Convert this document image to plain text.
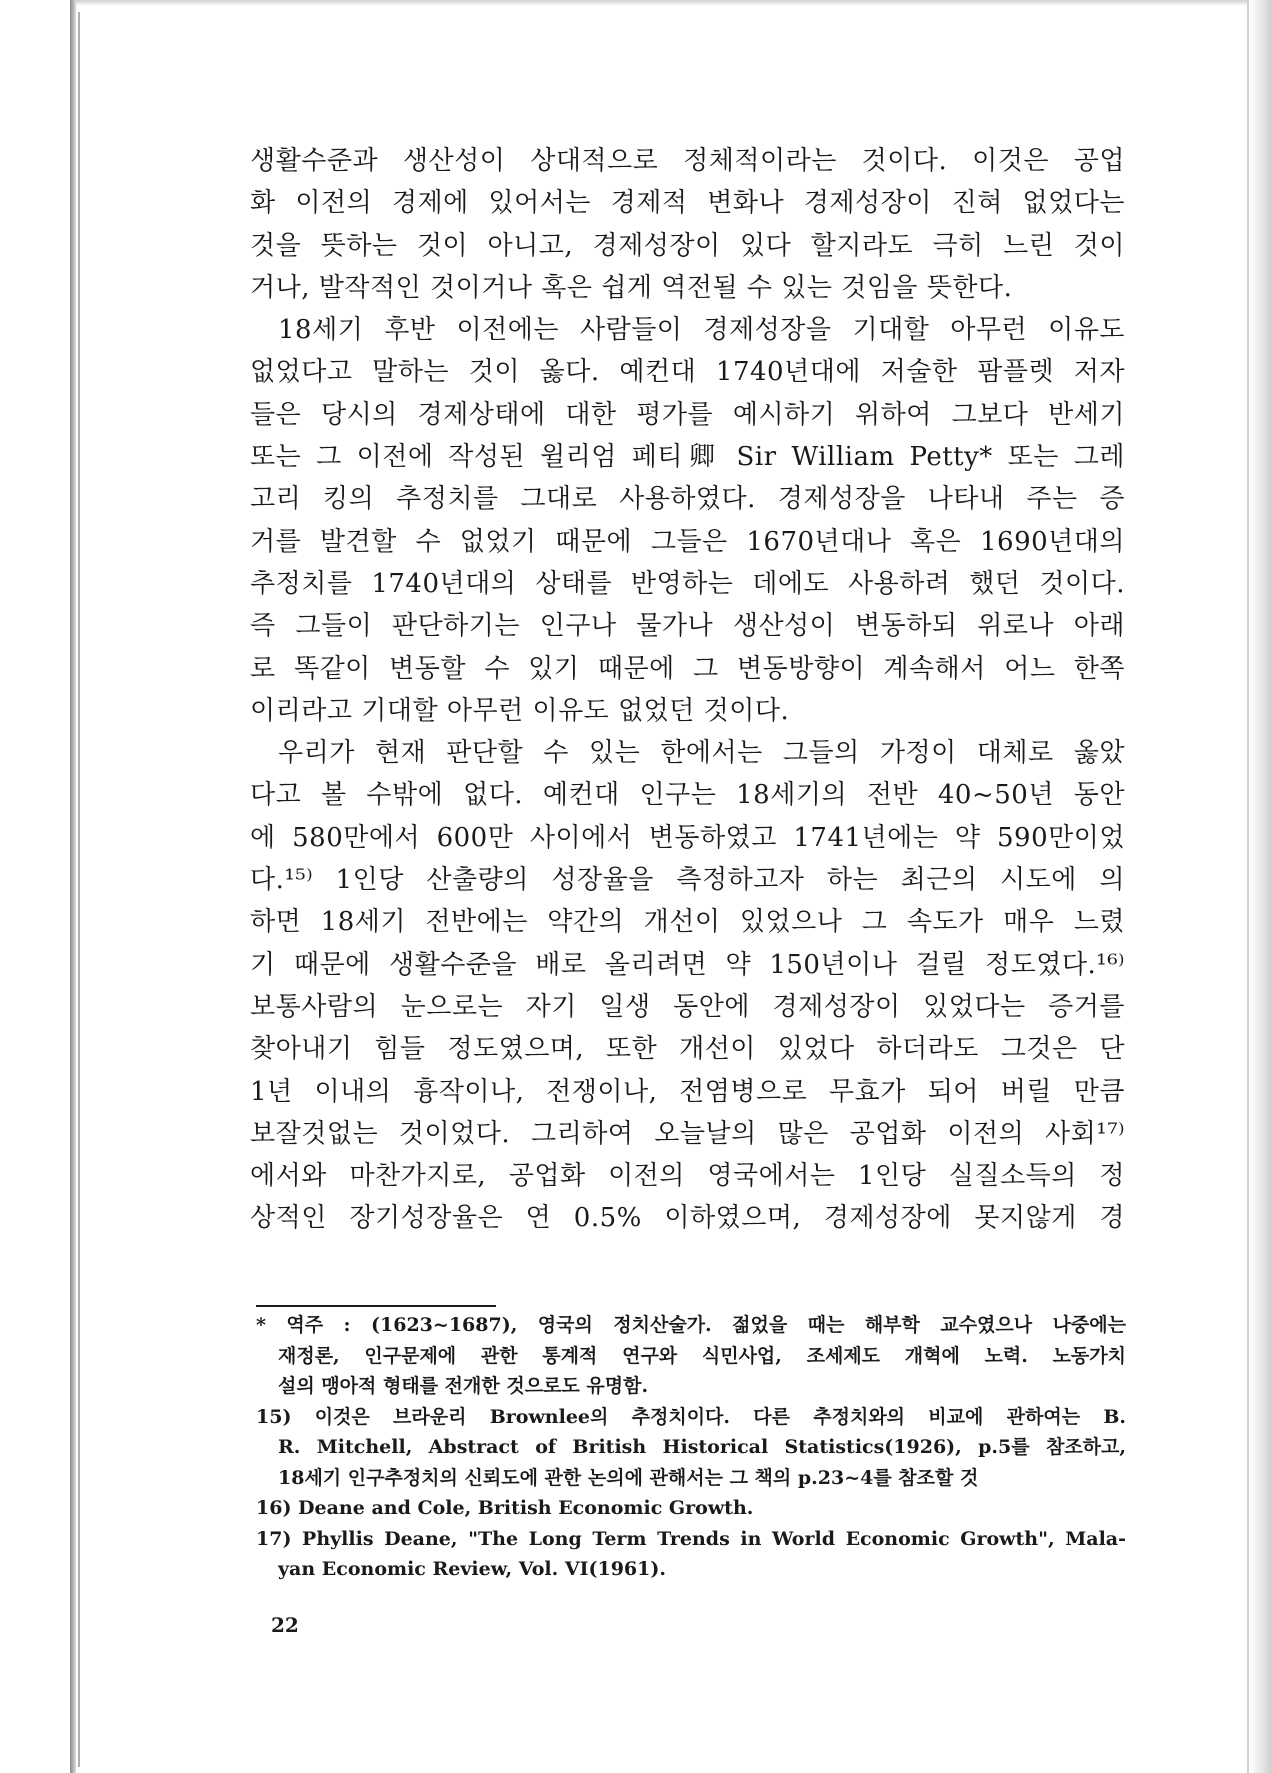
생활수준과 생산성이 상대적으로 정체적이라는 것이다. 이것은 공업
화 이전의 경제에 있어서는 경제적 변화나 경제성장이 진혀 없었다는
것을 뜻하는 것이 아니고, 경제성장이 있다 할지라도 극히 느린 것이
거나, 발작적인 것이거나 혹은 쉽게 역전될 수 있는 것임을 뜻한다.
18세기 후반 이전에는 사람들이 경제성장을 기대할 아무런 이유도
없었다고 말하는 것이 옳다. 예컨대 1740년대에 저술한 팜플렛 저자
들은 당시의 경제상태에 대한 평가를 예시하기 위하여 그보다 반세기
또는 그 이전에 작성된 윌리엄 페티卿 Sir William Petty* 또는 그레
고리 킹의 추정치를 그대로 사용하였다. 경제성장을 나타내 주는 증
거를 발견할 수 없었기 때문에 그들은 1670년대나 혹은 1690년대의
추정치를 1740년대의 상태를 반영하는 데에도 사용하려 했던 것이다.
즉 그들이 판단하기는 인구나 물가나 생산성이 변동하되 위로나 아래
로 똑같이 변동할 수 있기 때문에 그 변동방향이 계속해서 어느 한쪽
이리라고 기대할 아무런 이유도 없었던 것이다.
우리가 현재 판단할 수 있는 한에서는 그들의 가정이 대체로 옳았
다고 볼 수밖에 없다. 예컨대 인구는 18세기의 전반 40~50년 동안
에 580만에서 600만 사이에서 변동하였고 1741년에는 약 590만이었
다.¹⁵⁾ 1인당 산출량의 성장율을 측정하고자 하는 최근의 시도에 의
하면 18세기 전반에는 약간의 개선이 있었으나 그 속도가 매우 느렸
기 때문에 생활수준을 배로 올리려면 약 150년이나 걸릴 정도였다.¹⁶⁾
보통사람의 눈으로는 자기 일생 동안에 경제성장이 있었다는 증거를
찾아내기 힘들 정도였으며, 또한 개선이 있었다 하더라도 그것은 단
1년 이내의 흉작이나, 전쟁이나, 전염병으로 무효가 되어 버릴 만큼
보잘것없는 것이었다. 그리하여 오늘날의 많은 공업화 이전의 사회¹⁷⁾
에서와 마찬가지로, 공업화 이전의 영국에서는 1인당 실질소득의 정
상적인 장기성장율은 연 0.5% 이하였으며, 경제성장에 못지않게 경
* 역주 : (1623~1687), 영국의 정치산술가. 젊었을 때는 해부학 교수였으나 나중에는
재정론, 인구문제에 관한 통계적 연구와 식민사업, 조세제도 개혁에 노력. 노동가치
설의 맹아적 형태를 전개한 것으로도 유명함.
15) 이것은 브라운리 Brownlee의 추정치이다. 다른 추정치와의 비교에 관하여는 B.
R. Mitchell, Abstract of British Historical Statistics(1926), p.5를 참조하고,
18세기 인구추정치의 신뢰도에 관한 논의에 관해서는 그 책의 p.23~4를 참조할 것
16) Deane and Cole, British Economic Growth.
17) Phyllis Deane, "The Long Term Trends in World Economic Growth", Mala-
yan Economic Review, Vol. VI(1961).
22
